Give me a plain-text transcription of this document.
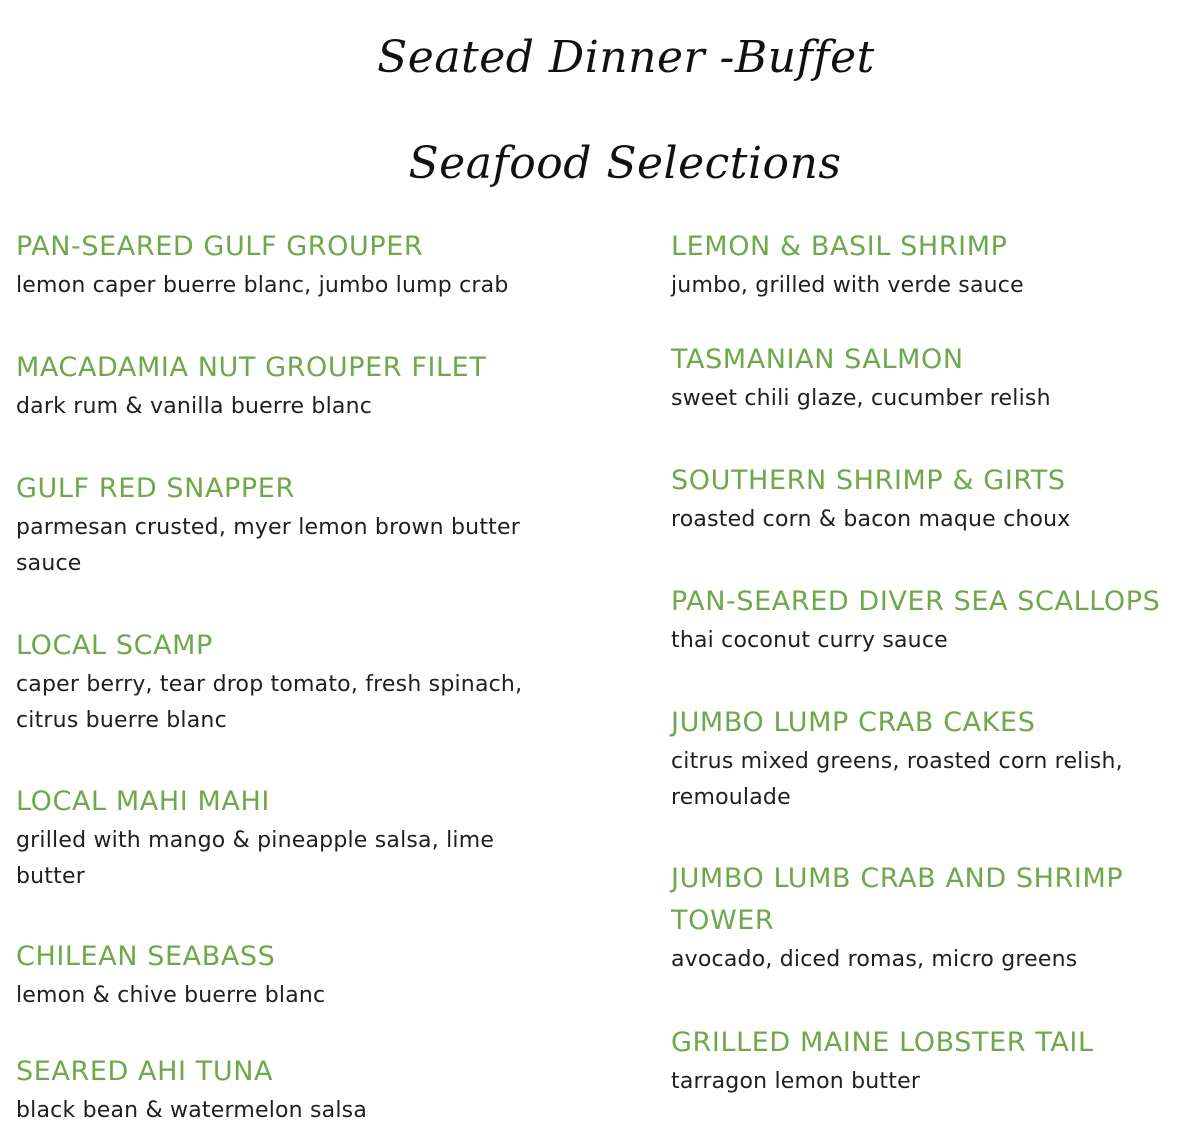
Seated Dinner -Buffet
Seafood Selections
PAN-SEARED GULF GROUPER
lemon caper buerre blanc, jumbo lump crab
MACADAMIA NUT GROUPER FILET
dark rum & vanilla buerre blanc
GULF RED SNAPPER
parmesan crusted, myer lemon brown butter sauce
LOCAL SCAMP
caper berry, tear drop tomato, fresh spinach, citrus buerre blanc
LOCAL MAHI MAHI
grilled with mango & pineapple salsa, lime butter
CHILEAN SEABASS
lemon & chive buerre blanc
SEARED AHI TUNA
black bean & watermelon salsa
LEMON & BASIL SHRIMP
jumbo, grilled with verde sauce
TASMANIAN SALMON
sweet chili glaze, cucumber relish
SOUTHERN SHRIMP & GIRTS
roasted corn & bacon maque choux
PAN-SEARED DIVER SEA SCALLOPS
thai coconut curry sauce
JUMBO LUMP CRAB CAKES
citrus mixed greens, roasted corn relish, remoulade
JUMBO LUMB CRAB AND SHRIMP TOWER
avocado, diced romas, micro greens
GRILLED MAINE LOBSTER TAIL
tarragon lemon butter
